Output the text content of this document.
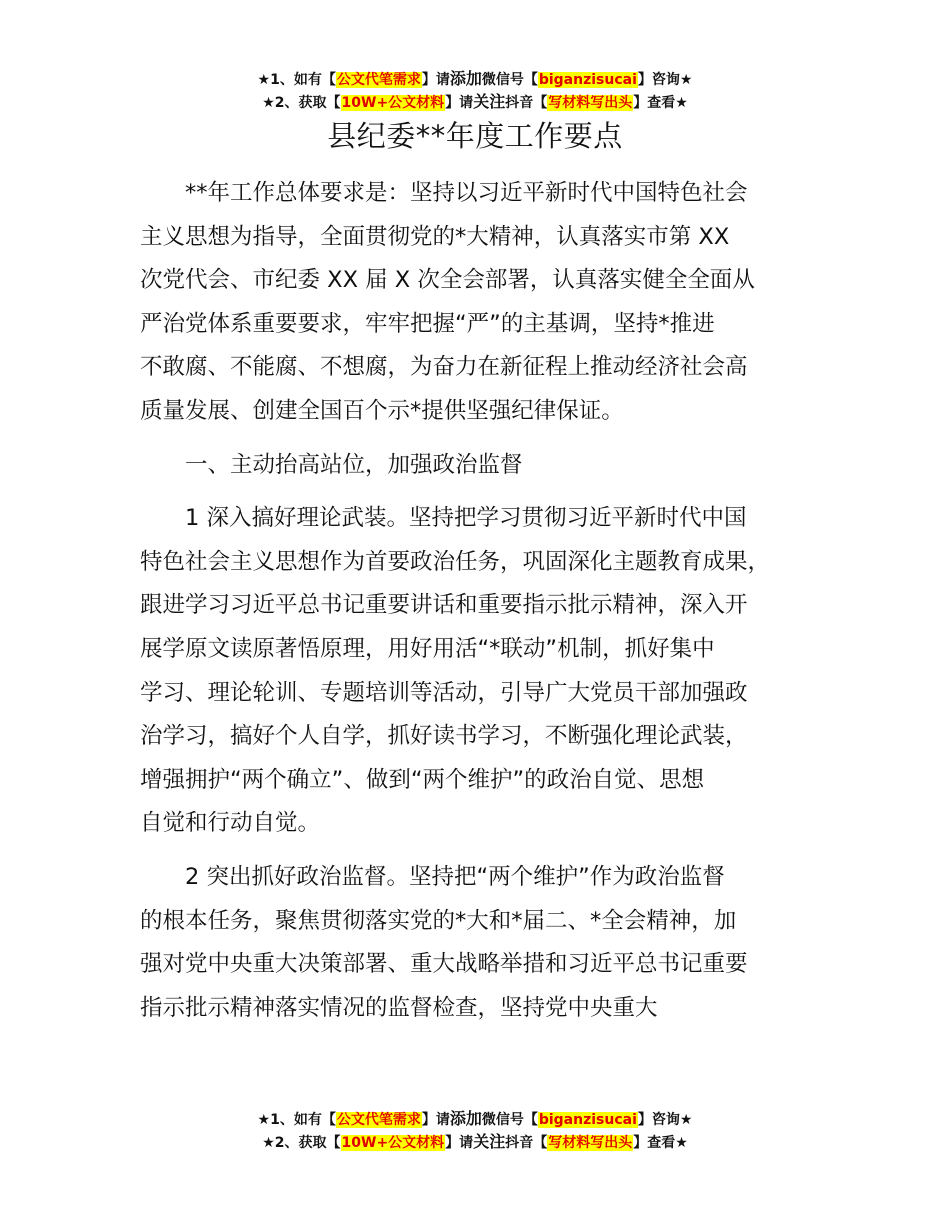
★1、如有【公文代笔需求】请添加微信号【biganzisucai】咨询★
★2、获取【10W+公文材料】请关注抖音【写材料写出头】查看★
县纪委**年度工作要点

**年工作总体要求是：坚持以习近平新时代中国特色社会
主义思想为指导，全面贯彻党的*大精神，认真落实市第 XX
次党代会、市纪委 XX 届 X 次全会部署，认真落实健全全面从
严治党体系重要要求，牢牢把握“严”的主基调，坚持*推进
不敢腐、不能腐、不想腐，为奋力在新征程上推动经济社会高
质量发展、创建全国百个示*提供坚强纪律保证。

一、主动抬高站位，加强政治监督

1 深入搞好理论武装。坚持把学习贯彻习近平新时代中国
特色社会主义思想作为首要政治任务，巩固深化主题教育成果，
跟进学习习近平总书记重要讲话和重要指示批示精神，深入开
展学原文读原著悟原理，用好用活“*联动”机制，抓好集中
学习、理论轮训、专题培训等活动，引导广大党员干部加强政
治学习，搞好个人自学，抓好读书学习，不断强化理论武装，
增强拥护“两个确立”、做到“两个维护”的政治自觉、思想
自觉和行动自觉。

2 突出抓好政治监督。坚持把“两个维护”作为政治监督
的根本任务，聚焦贯彻落实党的*大和*届二、*全会精神，加
强对党中央重大决策部署、重大战略举措和习近平总书记重要
指示批示精神落实情况的监督检查，坚持党中央重大

★1、如有【公文代笔需求】请添加微信号【biganzisucai】咨询★
★2、获取【10W+公文材料】请关注抖音【写材料写出头】查看★
